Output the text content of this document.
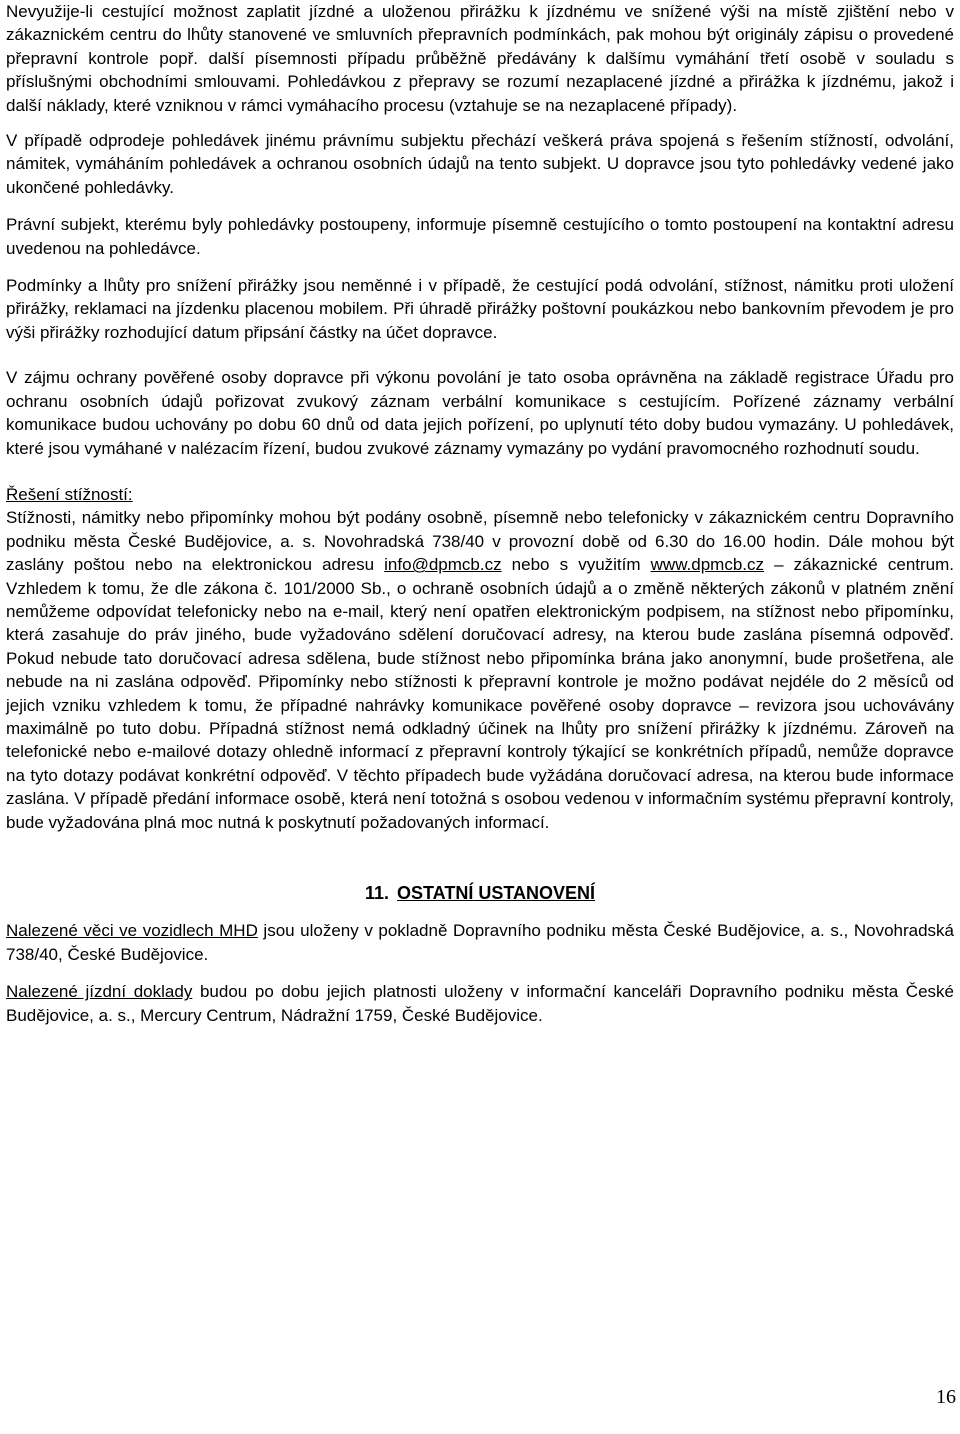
Nevyužije-li cestující možnost zaplatit jízdné a uloženou přirážku k jízdnému ve snížené výši na místě zjištění nebo v zákaznickém centru do lhůty stanovené ve smluvních přepravních podmínkách, pak mohou být originály zápisu o provedené přepravní kontrole popř. další písemnosti případu průběžně předávány k dalšímu vymáhání třetí osobě v souladu s příslušnými obchodními smlouvami. Pohledávkou z přepravy se rozumí nezaplacené jízdné a přirážka k jízdnému, jakož i další náklady, které vzniknou v rámci vymáhacího procesu (vztahuje se na nezaplacené případy).

V případě odprodeje pohledávek jinému právnímu subjektu přechází veškerá práva spojená s řešením stížností, odvolání, námitek, vymáháním pohledávek a ochranou osobních údajů na tento subjekt. U dopravce jsou tyto pohledávky vedené jako ukončené pohledávky.

Právní subjekt, kterému byly pohledávky postoupeny, informuje písemně cestujícího o tomto postoupení na kontaktní adresu uvedenou na pohledávce.

Podmínky a lhůty pro snížení přirážky jsou neměnné i v případě, že cestující podá odvolání, stížnost, námitku proti uložení přirážky, reklamaci na jízdenku placenou mobilem. Při úhradě přirážky poštovní poukázkou nebo bankovním převodem je pro výši přirážky rozhodující datum připsání částky na účet dopravce.

V zájmu ochrany pověřené osoby dopravce při výkonu povolání je tato osoba oprávněna na základě registrace Úřadu pro ochranu osobních údajů pořizovat zvukový záznam verbální komunikace s cestujícím. Pořízené záznamy verbální komunikace budou uchovány po dobu 60 dnů od data jejich pořízení, po uplynutí této doby budou vymazány. U pohledávek, které jsou vymáhané v nalézacím řízení, budou zvukové záznamy vymazány po vydání pravomocného rozhodnutí soudu.

Řešení stížností:

Stížnosti, námitky nebo připomínky mohou být podány osobně, písemně nebo telefonicky v zákaznickém centru Dopravního podniku města České Budějovice, a. s. Novohradská 738/40 v provozní době od 6.30 do 16.00 hodin. Dále mohou být zaslány poštou nebo na elektronickou adresu info@dpmcb.cz nebo s využitím www.dpmcb.cz – zákaznické centrum. Vzhledem k tomu, že dle zákona č. 101/2000 Sb., o ochraně osobních údajů a o změně některých zákonů v platném znění nemůžeme odpovídat telefonicky nebo na e-mail, který není opatřen elektronickým podpisem, na stížnost nebo připomínku, která zasahuje do práv jiného, bude vyžadováno sdělení doručovací adresy, na kterou bude zaslána písemná odpověď. Pokud nebude tato doručovací adresa sdělena, bude stížnost nebo připomínka brána jako anonymní, bude prošetřena, ale nebude na ni zaslána odpověď. Připomínky nebo stížnosti k přepravní kontrole je možno podávat nejdéle do 2 měsíců od jejich vzniku vzhledem k tomu, že případné nahrávky komunikace pověřené osoby dopravce – revizora jsou uchovávány maximálně po tuto dobu. Případná stížnost nemá odkladný účinek na lhůty pro snížení přirážky k jízdnému. Zároveň na telefonické nebo e-mailové dotazy ohledně informací z přepravní kontroly týkající se konkrétních případů, nemůže dopravce na tyto dotazy podávat konkrétní odpověď. V těchto případech bude vyžádána doručovací adresa, na kterou bude informace zaslána. V případě předání informace osobě, která není totožná s osobou vedenou v informačním systému přepravní kontroly, bude vyžadována plná moc nutná k poskytnutí požadovaných informací.

11. OSTATNÍ USTANOVENÍ

Nalezené věci ve vozidlech MHD jsou uloženy v pokladně Dopravního podniku města České Budějovice, a. s., Novohradská 738/40, České Budějovice.

Nalezené jízdní doklady budou po dobu jejich platnosti uloženy v informační kanceláři Dopravního podniku města České Budějovice, a. s., Mercury Centrum, Nádražní 1759, České Budějovice.

16
